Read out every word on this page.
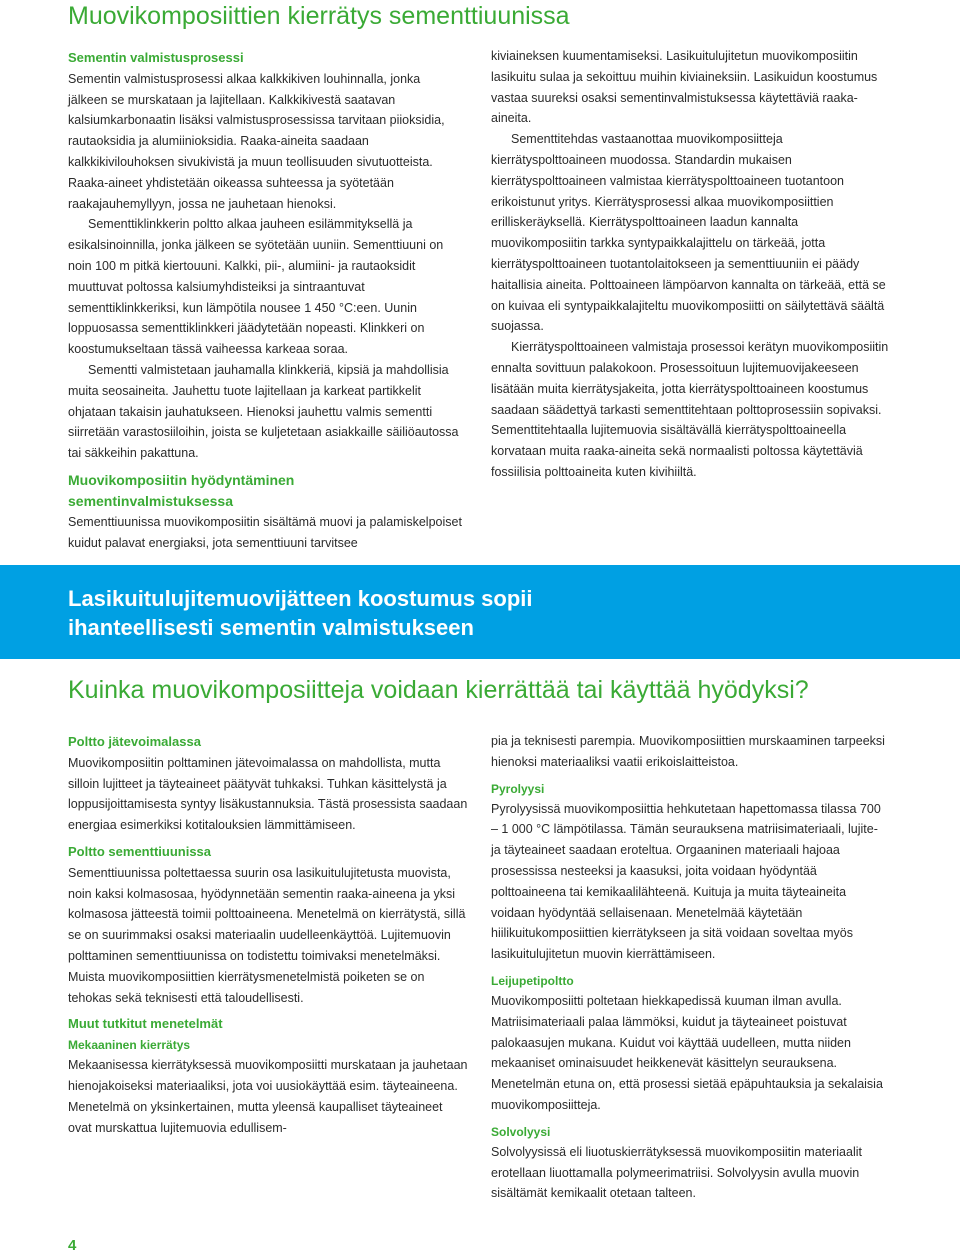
Muovikomposiittien kierrätys sementtiuunissa
Sementin valmistusprosessi

Sementin valmistusprosessi alkaa kalkkikiven louhinnalla, jonka jälkeen se murskataan ja lajitellaan. Kalkkikivestä saatavan kalsiumkarbonaatin lisäksi valmistusprosessissa tarvitaan piioksidia, rautaoksidia ja alumiinioksidia. Raaka-aineita saadaan kalkkikivilouhoksen sivukivistä ja muun teollisuuden sivutuotteista. Raaka-aineet yhdistetään oikeassa suhteessa ja syötetään raakajauhemyllyyn, jossa ne jauhetaan hienoksi.

Sementtiklinkkerin poltto alkaa jauheen esilämmityksellä ja esikalsinoinnilla, jonka jälkeen se syötetään uuniin. Sementtiuuni on noin 100 m pitkä kiertouuni. Kalkki, pii-, alumiini- ja rautaoksidit muuttuvat poltossa kalsiumyhdisteiksi ja sintraantuvat sementtiklinkkeriksi, kun lämpötila nousee 1 450 °C:een. Uunin loppuosassa sementtiklinkkeri jäädytetään nopeasti. Klinkkeri on koostumukseltaan tässä vaiheessa karkeaa soraa.

Sementti valmistetaan jauhamalla klinkkeriä, kipsiä ja mahdollisia muita seosaineita. Jauhettu tuote lajitellaan ja karkeat partikkelit ohjataan takaisin jauhatukseen. Hienoksi jauhettu valmis sementti siirretään varastosiiloihin, joista se kuljetetaan asiakkaille säiliöautossa tai säkkeihin pakattuna.

Muovikomposiitin hyödyntäminen sementinvalmistuksessa

Sementtiuunissa muovikomposiitin sisältämä muovi ja palamiskelpoiset kuidut palavat energiaksi, jota sementtiuuni tarvitsee

kiviaineksen kuumentamiseksi. Lasikuitulujitetun muovikomposiitin lasikuitu sulaa ja sekoittuu muihin kiviaineksiin. Lasikuidun koostumus vastaa suureksi osaksi sementinvalmistuksessa käytettäviä raaka-aineita.

Sementtitehdas vastaanottaa muovikomposiitteja kierrätyspolttoaineen muodossa. Standardin mukaisen kierrätyspolttoaineen valmistaa kierrätyspolttoaineen tuotantoon erikoistunut yritys. Kierrätysprosessi alkaa muovikomposiittien erilliskeräyksellä. Kierrätyspolttoaineen laadun kannalta muovikomposiitin tarkka syntypaikkalajittelu on tärkeää, jotta kierrätyspolttoaineen tuotantolaitokseen ja sementtiuuniin ei päädy haitallisia aineita. Polttoaineen lämpöarvon kannalta on tärkeää, että se on kuivaa eli syntypaikkalajiteltu muovikomposiitti on säilytettävä säältä suojassa.

Kierrätyspolttoaineen valmistaja prosessoi kerätyn muovikomposiitin ennalta sovittuun palakokoon. Prosessoituun lujitemuovijakeeseen lisätään muita kierrätysjakeita, jotta kierrätyspolttoaineen koostumus saadaan säädettyä tarkasti sementtitehtaan polttoprosessiin sopivaksi. Sementtitehtaalla lujitemuovia sisältävällä kierrätyspolttoaineella korvataan muita raaka-aineita sekä normaalisti poltossa käytettäviä fossiilisia polttoaineita kuten kivihiiltä.

Lasikuitulujitemuovijätteen koostumus sopii
ihanteellisesti sementin valmistukseen
Kuinka muovikomposiitteja voidaan kierrättää tai käyttää hyödyksi?
Poltto jätevoimalassa

Muovikomposiitin polttaminen jätevoimalassa on mahdollista, mutta silloin lujitteet ja täyteaineet päätyvät tuhkaksi. Tuhkan käsittelystä ja loppusijoittamisesta syntyy lisäkustannuksia. Tästä prosessista saadaan energiaa esimerkiksi kotitalouksien lämmittämiseen.

Poltto sementtiuunissa

Sementtiuunissa poltettaessa suurin osa lasikuitulujitetusta muovista, noin kaksi kolmasosaa, hyödynnetään sementin raaka-aineena ja yksi kolmasosa jätteestä toimii polttoaineena. Menetelmä on kierrätystä, sillä se on suurimmaksi osaksi materiaalin uudelleenkäyttöä. Lujitemuovin polttaminen sementtiuunissa on todistettu toimivaksi menetelmäksi. Muista muovikomposiittien kierrätysmenetelmistä poiketen se on tehokas sekä teknisesti että taloudellisesti.

Muut tutkitut menetelmät
Mekaaninen kierrätys

Mekaanisessa kierrätyksessä muovikomposiitti murskataan ja jauhetaan hienojakoiseksi materiaaliksi, jota voi uusiokäyttää esim. täyteaineena. Menetelmä on yksinkertainen, mutta yleensä kaupalliset täyteaineet ovat murskattua lujitemuovia edullisem-

pia ja teknisesti parempia. Muovikomposiittien murskaaminen tarpeeksi hienoksi materiaaliksi vaatii erikoislaitteistoa.

Pyrolyysi

Pyrolyysissä muovikomposiittia hehkutetaan hapettomassa tilassa 700 – 1 000 °C lämpötilassa. Tämän seurauksena matriisimateriaali, lujite- ja täyteaineet saadaan eroteltua. Orgaaninen materiaali hajoaa prosessissa nesteeksi ja kaasuksi, joita voidaan hyödyntää polttoaineena tai kemikaalilähteenä. Kuituja ja muita täyteaineita voidaan hyödyntää sellaisenaan. Menetelmää käytetään hiilikuitukomposiittien kierrätykseen ja sitä voidaan soveltaa myös lasikuitulujitetun muovin kierrättämiseen.

Leijupetipoltto

Muovikomposiitti poltetaan hiekkapedissä kuuman ilman avulla. Matriisimateriaali palaa lämmöksi, kuidut ja täyteaineet poistuvat palokaasujen mukana. Kuidut voi käyttää uudelleen, mutta niiden mekaaniset ominaisuudet heikkenevät käsittelyn seurauksena. Menetelmän etuna on, että prosessi sietää epäpuhtauksia ja sekalaisia muovikomposiitteja.

Solvolyysi

Solvolyysissä eli liuotuskierrätyksessä muovikomposiitin materiaalit erotellaan liuottamalla polymeerimatriisi. Solvolyysin avulla muovin sisältämät kemikaalit otetaan talteen.

4
